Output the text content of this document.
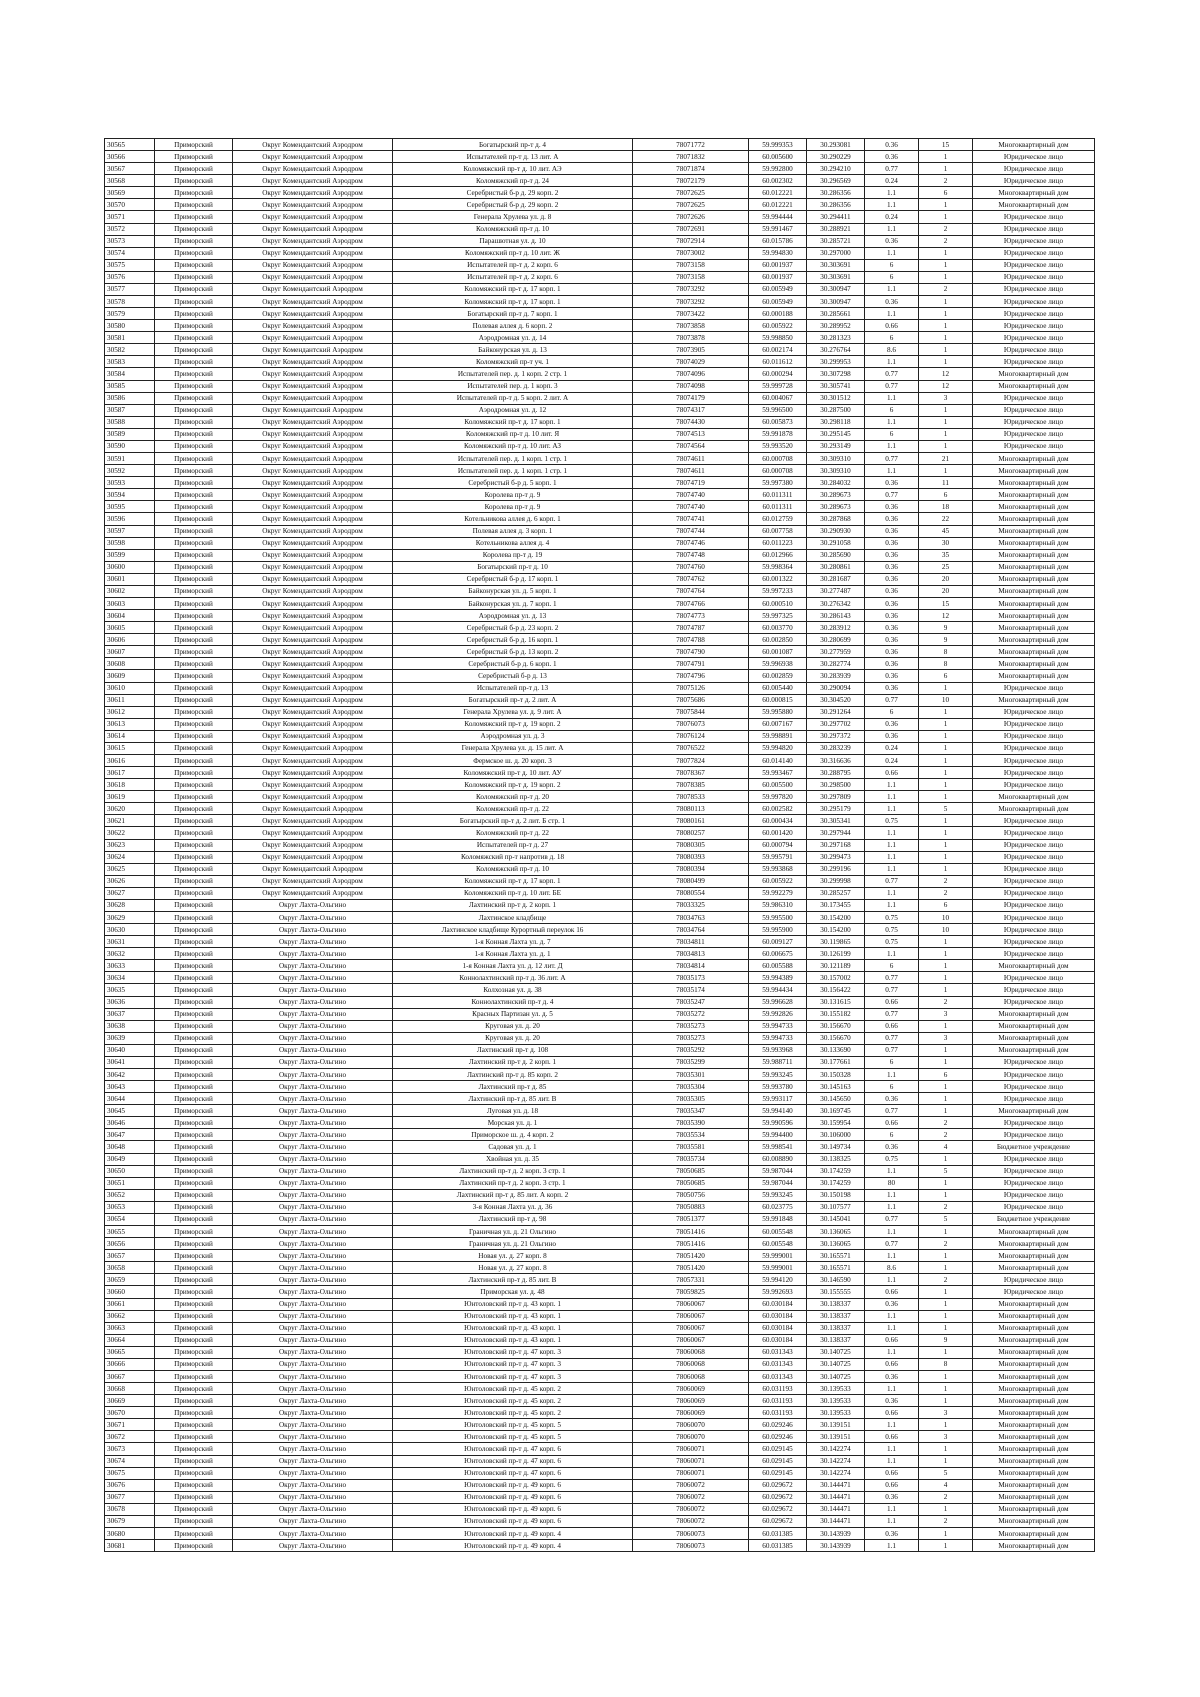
30565	Приморский	Округ Комендантский Аэродром	Богатырский пр-т д. 4	78071772	59.999353	30.293081	0.36	15	Многоквартирный дом
30566	Приморский	Округ Комендантский Аэродром	Испытателей пр-т д. 13 лит. А	78071832	60.005600	30.290229	0.36	1	Юридическое лицо
30567	Приморский	Округ Комендантский Аэродром	Коломяжский пр-т д. 10 лит. АЭ	78071874	59.992800	30.294210	0.77	1	Юридическое лицо
30568	Приморский	Округ Комендантский Аэродром	Коломяжский пр-т д. 24	78072179	60.002302	30.296569	0.24	2	Юридическое лицо
30569	Приморский	Округ Комендантский Аэродром	Серебристый б-р д. 29 корп. 2	78072625	60.012221	30.286356	1.1	6	Многоквартирный дом
30570	Приморский	Округ Комендантский Аэродром	Серебристый б-р д. 29 корп. 2	78072625	60.012221	30.286356	1.1	1	Многоквартирный дом
30571	Приморский	Округ Комендантский Аэродром	Генерала Хрулева ул. д. 8	78072626	59.994444	30.294411	0.24	1	Юридическое лицо
30572	Приморский	Округ Комендантский Аэродром	Коломяжский пр-т д. 10	78072691	59.991467	30.288921	1.1	2	Юридическое лицо
30573	Приморский	Округ Комендантский Аэродром	Парашютная ул. д. 10	78072914	60.015786	30.285721	0.36	2	Юридическое лицо
30574	Приморский	Округ Комендантский Аэродром	Коломяжский пр-т д. 10 лит. Ж	78073002	59.994830	30.297000	1.1	1	Юридическое лицо
30575	Приморский	Округ Комендантский Аэродром	Испытателей пр-т д. 2 корп. 6	78073158	60.001937	30.303691	6	1	Юридическое лицо
30576	Приморский	Округ Комендантский Аэродром	Испытателей пр-т д. 2 корп. 6	78073158	60.001937	30.303691	6	1	Юридическое лицо
30577	Приморский	Округ Комендантский Аэродром	Коломяжский пр-т д. 17 корп. 1	78073292	60.005949	30.300947	1.1	2	Юридическое лицо
30578	Приморский	Округ Комендантский Аэродром	Коломяжский пр-т д. 17 корп. 1	78073292	60.005949	30.300947	0.36	1	Юридическое лицо
30579	Приморский	Округ Комендантский Аэродром	Богатырский пр-т д. 7 корп. 1	78073422	60.000188	30.285661	1.1	1	Юридическое лицо
30580	Приморский	Округ Комендантский Аэродром	Полевая аллея д. 6 корп. 2	78073858	60.005922	30.289952	0.66	1	Юридическое лицо
30581	Приморский	Округ Комендантский Аэродром	Аэродромная ул. д. 14	78073878	59.998850	30.281323	6	1	Юридическое лицо
30582	Приморский	Округ Комендантский Аэродром	Байконурская ул. д. 13	78073905	60.002174	30.276764	8.6	1	Юридическое лицо
30583	Приморский	Округ Комендантский Аэродром	Коломяжский пр-т уч. 1	78074029	60.011612	30.299953	1.1	1	Юридическое лицо
30584	Приморский	Округ Комендантский Аэродром	Испытателей пер. д. 1 корп. 2 стр. 1	78074096	60.000294	30.307298	0.77	12	Многоквартирный дом
30585	Приморский	Округ Комендантский Аэродром	Испытателей пер. д. 1 корп. 3	78074098	59.999728	30.305741	0.77	12	Многоквартирный дом
30586	Приморский	Округ Комендантский Аэродром	Испытателей пр-т д. 5 корп. 2 лит. А	78074179	60.004067	30.301512	1.1	3	Юридическое лицо
30587	Приморский	Округ Комендантский Аэродром	Аэродромная ул. д. 12	78074317	59.996500	30.287500	6	1	Юридическое лицо
30588	Приморский	Округ Комендантский Аэродром	Коломяжский пр-т д. 17 корп. 1	78074430	60.005873	30.298118	1.1	1	Юридическое лицо
30589	Приморский	Округ Комендантский Аэродром	Коломяжский пр-т д. 10 лит. Я	78074513	59.991878	30.295145	6	1	Юридическое лицо
30590	Приморский	Округ Комендантский Аэродром	Коломяжский пр-т д. 10 лит. АЗ	78074564	59.993520	30.293149	1.1	1	Юридическое лицо
30591	Приморский	Округ Комендантский Аэродром	Испытателей пер. д. 1 корп. 1 стр. 1	78074611	60.000708	30.309310	0.77	21	Многоквартирный дом
30592	Приморский	Округ Комендантский Аэродром	Испытателей пер. д. 1 корп. 1 стр. 1	78074611	60.000708	30.309310	1.1	1	Многоквартирный дом
30593	Приморский	Округ Комендантский Аэродром	Серебристый б-р д. 5 корп. 1	78074719	59.997380	30.284032	0.36	11	Многоквартирный дом
30594	Приморский	Округ Комендантский Аэродром	Королева пр-т д. 9	78074740	60.011311	30.289673	0.77	6	Многоквартирный дом
30595	Приморский	Округ Комендантский Аэродром	Королева пр-т д. 9	78074740	60.011311	30.289673	0.36	18	Многоквартирный дом
30596	Приморский	Округ Комендантский Аэродром	Котельникова аллея д. 6 корп. 1	78074741	60.012759	30.287868	0.36	22	Многоквартирный дом
30597	Приморский	Округ Комендантский Аэродром	Полевая аллея д. 3 корп. 1	78074744	60.007758	30.290930	0.36	45	Многоквартирный дом
30598	Приморский	Округ Комендантский Аэродром	Котельникова аллея д. 4	78074746	60.011223	30.291058	0.36	30	Многоквартирный дом
30599	Приморский	Округ Комендантский Аэродром	Королева пр-т д. 19	78074748	60.012966	30.285690	0.36	35	Многоквартирный дом
30600	Приморский	Округ Комендантский Аэродром	Богатырский пр-т д. 10	78074760	59.998364	30.280861	0.36	25	Многоквартирный дом
30601	Приморский	Округ Комендантский Аэродром	Серебристый б-р д. 17 корп. 1	78074762	60.001322	30.281687	0.36	20	Многоквартирный дом
30602	Приморский	Округ Комендантский Аэродром	Байконурская ул. д. 5 корп. 1	78074764	59.997233	30.277487	0.36	20	Многоквартирный дом
30603	Приморский	Округ Комендантский Аэродром	Байконурская ул. д. 7 корп. 1	78074766	60.000510	30.276342	0.36	15	Многоквартирный дом
30604	Приморский	Округ Комендантский Аэродром	Аэродромная ул. д. 13	78074773	59.997325	30.286143	0.36	12	Многоквартирный дом
30605	Приморский	Округ Комендантский Аэродром	Серебристый б-р д. 23 корп. 2	78074787	60.003770	30.283912	0.36	9	Многоквартирный дом
30606	Приморский	Округ Комендантский Аэродром	Серебристый б-р д. 16 корп. 1	78074788	60.002850	30.280699	0.36	9	Многоквартирный дом
30607	Приморский	Округ Комендантский Аэродром	Серебристый б-р д. 13 корп. 2	78074790	60.001087	30.277959	0.36	8	Многоквартирный дом
30608	Приморский	Округ Комендантский Аэродром	Серебристый б-р д. 6 корп. 1	78074791	59.996938	30.282774	0.36	8	Многоквартирный дом
30609	Приморский	Округ Комендантский Аэродром	Серебристый б-р д. 13	78074796	60.002859	30.283939	0.36	6	Многоквартирный дом
30610	Приморский	Округ Комендантский Аэродром	Испытателей пр-т д. 13	78075126	60.005440	30.290094	0.36	1	Юридическое лицо
30611	Приморский	Округ Комендантский Аэродром	Богатырский пр-т д. 2 лит. А	78075686	60.000815	30.304520	0.77	10	Многоквартирный дом
30612	Приморский	Округ Комендантский Аэродром	Генерала Хрулева ул. д. 9 лит. А	78075844	59.995880	30.291264	6	1	Юридическое лицо
30613	Приморский	Округ Комендантский Аэродром	Коломяжский пр-т д. 19 корп. 2	78076073	60.007167	30.297702	0.36	1	Юридическое лицо
30614	Приморский	Округ Комендантский Аэродром	Аэродромная ул. д. 3	78076124	59.998891	30.297372	0.36	1	Юридическое лицо
30615	Приморский	Округ Комендантский Аэродром	Генерала Хрулева ул. д. 15 лит. А	78076522	59.994820	30.283239	0.24	1	Юридическое лицо
30616	Приморский	Округ Комендантский Аэродром	Фермское ш. д. 20 корп. 3	78077824	60.014140	30.316636	0.24	1	Юридическое лицо
30617	Приморский	Округ Комендантский Аэродром	Коломяжский пр-т д. 10 лит. АУ	78078367	59.993467	30.288795	0.66	1	Юридическое лицо
30618	Приморский	Округ Комендантский Аэродром	Коломяжский пр-т д. 19 корп. 2	78078385	60.005500	30.298500	1.1	1	Юридическое лицо
30619	Приморский	Округ Комендантский Аэродром	Коломяжский пр-т д. 20	78078533	59.997820	30.297809	1.1	1	Многоквартирный дом
30620	Приморский	Округ Комендантский Аэродром	Коломяжский пр-т д. 22	78080113	60.002582	30.295179	1.1	5	Многоквартирный дом
30621	Приморский	Округ Комендантский Аэродром	Богатырский пр-т д. 2 лит. Б стр. 1	78080161	60.000434	30.305341	0.75	1	Юридическое лицо
30622	Приморский	Округ Комендантский Аэродром	Коломяжский пр-т д. 22	78080257	60.001420	30.297944	1.1	1	Юридическое лицо
30623	Приморский	Округ Комендантский Аэродром	Испытателей пр-т д. 27	78080305	60.000794	30.297168	1.1	1	Юридическое лицо
30624	Приморский	Округ Комендантский Аэродром	Коломяжский пр-т напротив д. 18	78080393	59.995791	30.299473	1.1	1	Юридическое лицо
30625	Приморский	Округ Комендантский Аэродром	Коломяжский пр-т д. 10	78080394	59.993868	30.299196	1.1	1	Юридическое лицо
30626	Приморский	Округ Комендантский Аэродром	Коломяжский пр-т д. 17 корп. 1	78080499	60.005922	30.299998	0.77	2	Юридическое лицо
30627	Приморский	Округ Комендантский Аэродром	Коломяжский пр-т д. 10 лит. БЕ	78080554	59.992279	30.285257	1.1	2	Юридическое лицо
30628	Приморский	Округ Лахта-Ольгино	Лахтинский пр-т д. 2 корп. 1	78033325	59.986310	30.173455	1.1	6	Юридическое лицо
30629	Приморский	Округ Лахта-Ольгино	Лахтинское кладбище	78034763	59.995500	30.154200	0.75	10	Юридическое лицо
30630	Приморский	Округ Лахта-Ольгино	Лахтинское кладбище Курортный переулок 16	78034764	59.995900	30.154200	0.75	10	Юридическое лицо
30631	Приморский	Округ Лахта-Ольгино	1-я Конная Лахта ул. д. 7	78034811	60.009127	30.119865	0.75	1	Юридическое лицо
30632	Приморский	Округ Лахта-Ольгино	1-я Конная Лахта ул. д. 1	78034813	60.006675	30.126199	1.1	1	Юридическое лицо
30633	Приморский	Округ Лахта-Ольгино	1-я Конная Лахта ул. д. 12 лит. Д	78034814	60.005588	30.121189	6	1	Многоквартирный дом
30634	Приморский	Округ Лахта-Ольгино	Коннолахтинский пр-т д. 36 лит. А	78035173	59.994389	30.157002	0.77	1	Юридическое лицо
30635	Приморский	Округ Лахта-Ольгино	Колхозная ул. д. 38	78035174	59.994434	30.156422	0.77	1	Юридическое лицо
30636	Приморский	Округ Лахта-Ольгино	Коннолахтинский пр-т д. 4	78035247	59.996628	30.131615	0.66	2	Юридическое лицо
30637	Приморский	Округ Лахта-Ольгино	Красных Партизан ул. д. 5	78035272	59.992826	30.155182	0.77	3	Многоквартирный дом
30638	Приморский	Округ Лахта-Ольгино	Круговая ул. д. 20	78035273	59.994733	30.156670	0.66	1	Многоквартирный дом
30639	Приморский	Округ Лахта-Ольгино	Круговая ул. д. 20	78035273	59.994733	30.156670	0.77	3	Многоквартирный дом
30640	Приморский	Округ Лахта-Ольгино	Лахтинский пр-т д. 108	78035292	59.993968	30.133690	0.77	1	Многоквартирный дом
30641	Приморский	Округ Лахта-Ольгино	Лахтинский пр-т д. 2 корп. 1	78035299	59.988711	30.177661	6	1	Юридическое лицо
30642	Приморский	Округ Лахта-Ольгино	Лахтинский пр-т д. 85 корп. 2	78035301	59.993245	30.150328	1.1	6	Юридическое лицо
30643	Приморский	Округ Лахта-Ольгино	Лахтинский пр-т д. 85	78035304	59.993780	30.145163	6	1	Юридическое лицо
30644	Приморский	Округ Лахта-Ольгино	Лахтинский пр-т д. 85 лит. В	78035305	59.993117	30.145650	0.36	1	Юридическое лицо
30645	Приморский	Округ Лахта-Ольгино	Луговая ул. д. 18	78035347	59.994140	30.169745	0.77	1	Многоквартирный дом
30646	Приморский	Округ Лахта-Ольгино	Морская ул. д. 1	78035390	59.990596	30.159954	0.66	2	Юридическое лицо
30647	Приморский	Округ Лахта-Ольгино	Приморское ш. д. 4 корп. 2	78035534	59.994400	30.106000	6	2	Юридическое лицо
30648	Приморский	Округ Лахта-Ольгино	Садовая ул. д. 1	78035581	59.998541	30.149734	0.36	4	Бюджетное учреждение
30649	Приморский	Округ Лахта-Ольгино	Хвойная ул. д. 35	78035734	60.008890	30.138325	0.75	1	Юридическое лицо
30650	Приморский	Округ Лахта-Ольгино	Лахтинский пр-т д. 2 корп. 3 стр. 1	78050685	59.987044	30.174259	1.1	5	Юридическое лицо
30651	Приморский	Округ Лахта-Ольгино	Лахтинский пр-т д. 2 корп. 3 стр. 1	78050685	59.987044	30.174259	80	1	Юридическое лицо
30652	Приморский	Округ Лахта-Ольгино	Лахтинский пр-т д. 85 лит. А корп. 2	78050756	59.993245	30.150198	1.1	1	Юридическое лицо
30653	Приморский	Округ Лахта-Ольгино	3-я Конная Лахта ул. д. 36	78050883	60.023775	30.107577	1.1	2	Юридическое лицо
30654	Приморский	Округ Лахта-Ольгино	Лахтинский пр-т д. 98	78051377	59.991848	30.145041	0.77	5	Бюджетное учреждение
30655	Приморский	Округ Лахта-Ольгино	Граничная ул. д. 21 Ольгино	78051416	60.005548	30.136065	1.1	1	Многоквартирный дом
30656	Приморский	Округ Лахта-Ольгино	Граничная ул. д. 21 Ольгино	78051416	60.005548	30.136065	0.77	2	Многоквартирный дом
30657	Приморский	Округ Лахта-Ольгино	Новая ул. д. 27 корп. 8	78051420	59.999001	30.165571	1.1	1	Многоквартирный дом
30658	Приморский	Округ Лахта-Ольгино	Новая ул. д. 27 корп. 8	78051420	59.999001	30.165571	8.6	1	Многоквартирный дом
30659	Приморский	Округ Лахта-Ольгино	Лахтинский пр-т д. 85 лит. В	78057331	59.994120	30.146590	1.1	2	Юридическое лицо
30660	Приморский	Округ Лахта-Ольгино	Приморская ул. д. 48	78059825	59.992693	30.155555	0.66	1	Юридическое лицо
30661	Приморский	Округ Лахта-Ольгино	Юнтоловский пр-т д. 43 корп. 1	78060067	60.030184	30.138337	0.36	1	Многоквартирный дом
30662	Приморский	Округ Лахта-Ольгино	Юнтоловский пр-т д. 43 корп. 1	78060067	60.030184	30.138337	1.1	1	Многоквартирный дом
30663	Приморский	Округ Лахта-Ольгино	Юнтоловский пр-т д. 43 корп. 1	78060067	60.030184	30.138337	1.1	1	Многоквартирный дом
30664	Приморский	Округ Лахта-Ольгино	Юнтоловский пр-т д. 43 корп. 1	78060067	60.030184	30.138337	0.66	9	Многоквартирный дом
30665	Приморский	Округ Лахта-Ольгино	Юнтоловский пр-т д. 47 корп. 3	78060068	60.031343	30.140725	1.1	1	Многоквартирный дом
30666	Приморский	Округ Лахта-Ольгино	Юнтоловский пр-т д. 47 корп. 3	78060068	60.031343	30.140725	0.66	8	Многоквартирный дом
30667	Приморский	Округ Лахта-Ольгино	Юнтоловский пр-т д. 47 корп. 3	78060068	60.031343	30.140725	0.36	1	Многоквартирный дом
30668	Приморский	Округ Лахта-Ольгино	Юнтоловский пр-т д. 45 корп. 2	78060069	60.031193	30.139533	1.1	1	Многоквартирный дом
30669	Приморский	Округ Лахта-Ольгино	Юнтоловский пр-т д. 45 корп. 2	78060069	60.031193	30.139533	0.36	1	Многоквартирный дом
30670	Приморский	Округ Лахта-Ольгино	Юнтоловский пр-т д. 45 корп. 2	78060069	60.031193	30.139533	0.66	3	Многоквартирный дом
30671	Приморский	Округ Лахта-Ольгино	Юнтоловский пр-т д. 45 корп. 5	78060070	60.029246	30.139151	1.1	1	Многоквартирный дом
30672	Приморский	Округ Лахта-Ольгино	Юнтоловский пр-т д. 45 корп. 5	78060070	60.029246	30.139151	0.66	3	Многоквартирный дом
30673	Приморский	Округ Лахта-Ольгино	Юнтоловский пр-т д. 47 корп. 6	78060071	60.029145	30.142274	1.1	1	Многоквартирный дом
30674	Приморский	Округ Лахта-Ольгино	Юнтоловский пр-т д. 47 корп. 6	78060071	60.029145	30.142274	1.1	1	Многоквартирный дом
30675	Приморский	Округ Лахта-Ольгино	Юнтоловский пр-т д. 47 корп. 6	78060071	60.029145	30.142274	0.66	5	Многоквартирный дом
30676	Приморский	Округ Лахта-Ольгино	Юнтоловский пр-т д. 49 корп. 6	78060072	60.029672	30.144471	0.66	4	Многоквартирный дом
30677	Приморский	Округ Лахта-Ольгино	Юнтоловский пр-т д. 49 корп. 6	78060072	60.029672	30.144471	0.36	2	Многоквартирный дом
30678	Приморский	Округ Лахта-Ольгино	Юнтоловский пр-т д. 49 корп. 6	78060072	60.029672	30.144471	1.1	1	Многоквартирный дом
30679	Приморский	Округ Лахта-Ольгино	Юнтоловский пр-т д. 49 корп. 6	78060072	60.029672	30.144471	1.1	2	Многоквартирный дом
30680	Приморский	Округ Лахта-Ольгино	Юнтоловский пр-т д. 49 корп. 4	78060073	60.031385	30.143939	0.36	1	Многоквартирный дом
30681	Приморский	Округ Лахта-Ольгино	Юнтоловский пр-т д. 49 корп. 4	78060073	60.031385	30.143939	1.1	1	Многоквартирный дом
